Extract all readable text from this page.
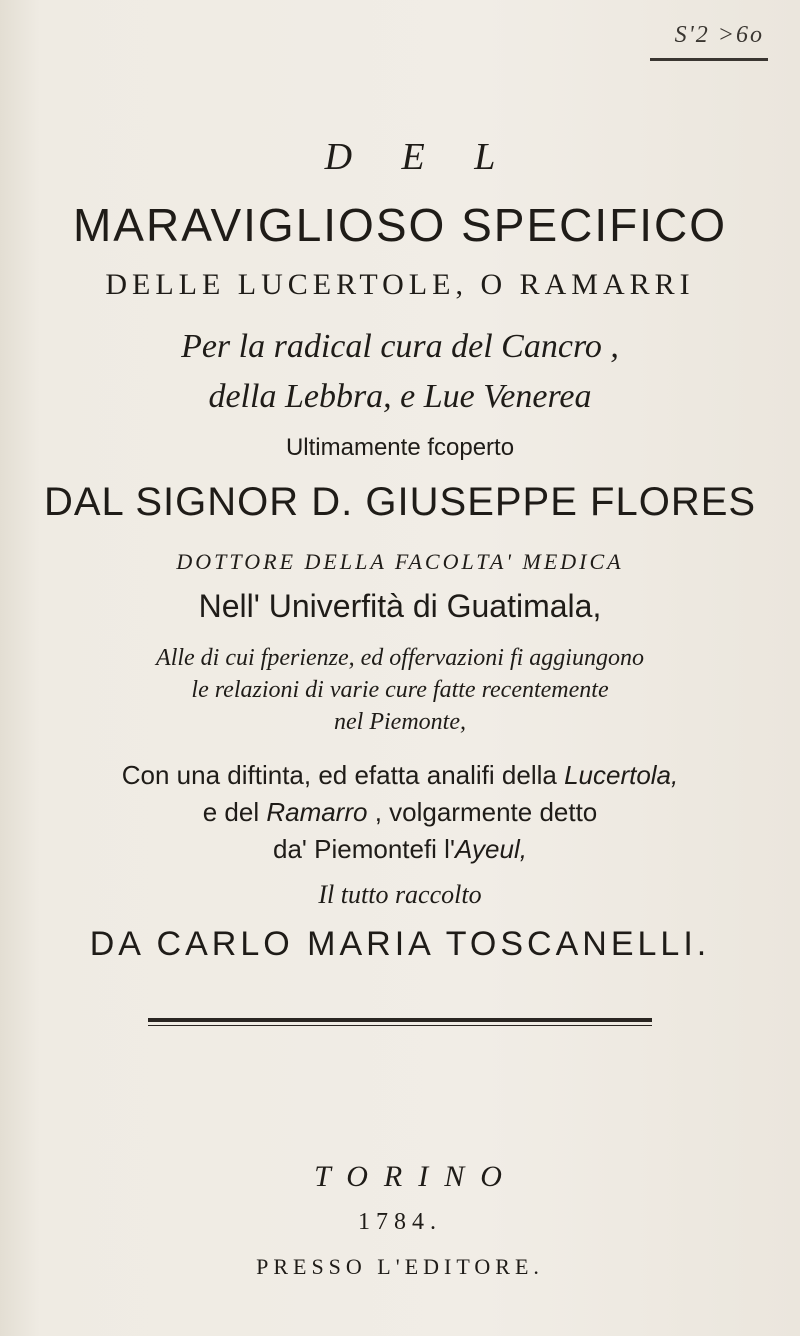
S'2 >6o
D E L
MARAVIGLIOSO SPECIFICO
DELLE LUCERTOLE, O RAMARRI
Per la radical cura del Cancro ,
della Lebbra, e Lue Venerea
Ultimamente fcoperto
DAL SIGNOR D. GIUSEPPE FLORES
DOTTORE DELLA FACOLTA' MEDICA
Nell' Univerfità di Guatimala,
Alle di cui fperienze, ed offervazioni fi aggiungono
le relazioni di varie cure fatte recentemente
nel Piemonte,
Con una diftinta, ed efatta analifi della Lucertola,
e del Ramarro , volgarmente detto
da' Piemontefi l'Ayeul,
Il tutto raccolto
DA CARLO MARIA TOSCANELLI.
TORINO
1784.
PRESSO L'EDITORE.
